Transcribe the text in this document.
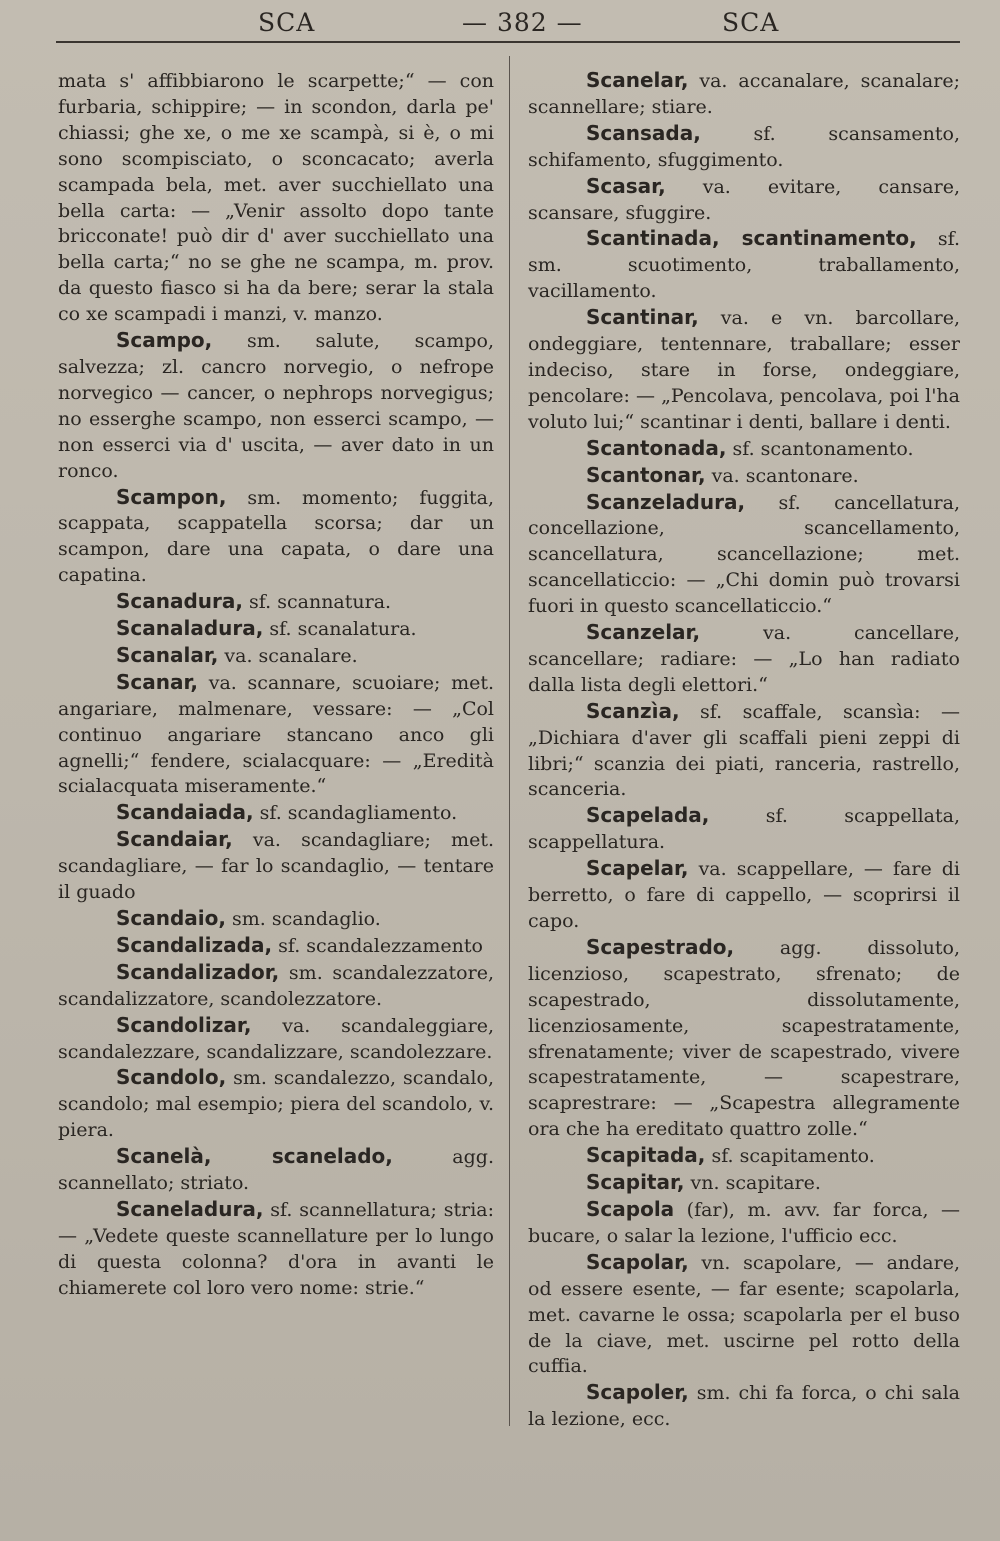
SCA	— 382 —	SCA

mata s' affibbiarono le scarpette;“ — con furbaria, schippire; — in scondon, darla pe' chiassi; ghe xe, o me xe scampà, si è, o mi sono scompisciato, o sconcacato; averla scampada bela, met. aver succhiellato una bella carta: — „Venir assolto dopo tante bricconate! può dir d' aver succhiellato una bella carta;“ no se ghe ne scampa, m. prov. da questo fiasco si ha da bere; serar la stala co xe scampadi i manzi, v. manzo.

Scampo, sm. salute, scampo, salvezza; zl. cancro norvegio, o nefrope norvegico — cancer, o nephrops norvegigus; no esserghe scampo, non esserci scampo, — non esserci via d' uscita, — aver dato in un ronco.

Scampon, sm. momento; fuggita, scappata, scappatella scorsa; dar un scampon, dare una capata, o dare una capatina.

Scanadura, sf. scannatura.

Scanaladura, sf. scanalatura.

Scanalar, va. scanalare.

Scanar, va. scannare, scuoiare; met. angariare, malmenare, vessare: — „Col continuo angariare stancano anco gli agnelli;“ fendere, scialacquare: — „Eredità scialacquata miseramente.“

Scandaiada, sf. scandagliamento.

Scandaiar, va. scandagliare; met. scandagliare, — far lo scandaglio, — tentare il guado

Scandaio, sm. scandaglio.

Scandalizada, sf. scandalezzamento

Scandalizador, sm. scandalezzatore, scandalizzatore, scandolezzatore.

Scandolizar, va. scandaleggiare, scandalezzare, scandalizzare, scandolezzare.

Scandolo, sm. scandalezzo, scandalo, scandolo; mal esempio; piera del scandolo, v. piera.

Scanelà, scanelado, agg. scannellato; striato.

Scaneladura, sf. scannellatura; stria: — „Vedete queste scannellature per lo lungo di questa colonna? d'ora in avanti le chiamerete col loro vero nome: strie.“

Scanelar, va. accanalare, scanalare; scannellare; stiare.

Scansada, sf. scansamento, schifamento, sfuggimento.

Scasar, va. evitare, cansare, scansare, sfuggire.

Scantinada, scantinamento, sf. sm. scuotimento, traballamento, vacillamento.

Scantinar, va. e vn. barcollare, ondeggiare, tentennare, traballare; esser indeciso, stare in forse, ondeggiare, pencolare: — „Pencolava, pencolava, poi l'ha voluto lui;“ scantinar i denti, ballare i denti.

Scantonada, sf. scantonamento.

Scantonar, va. scantonare.

Scanzeladura, sf. cancellatura, concellazione, scancellamento, scancellatura, scancellazione; met. scancellaticcio: — „Chi domin può trovarsi fuori in questo scancellaticcio.“

Scanzelar, va. cancellare, scancellare; radiare: — „Lo han radiato dalla lista degli elettori.“

Scanzìa, sf. scaffale, scansìa: — „Dichiara d'aver gli scaffali pieni zeppi di libri;“ scanzia dei piati, ranceria, rastrello, scanceria.

Scapelada, sf. scappellata, scappellatura.

Scapelar, va. scappellare, — fare di berretto, o fare di cappello, — scoprirsi il capo.

Scapestrado, agg. dissoluto, licenzioso, scapestrato, sfrenato; de scapestrado, dissolutamente, licenziosamente, scapestratamente, sfrenatamente; viver de scapestrado, vivere scapestratamente, — scapestrare, scaprestrare: — „Scapestra allegramente ora che ha ereditato quattro zolle.“

Scapitada, sf. scapitamento.

Scapitar, vn. scapitare.

Scapola (far), m. avv. far forca, — bucare, o salar la lezione, l'ufficio ecc.

Scapolar, vn. scapolare, — andare, od essere esente, — far esente; scapolarla, met. cavarne le ossa; scapolarla per el buso de la ciave, met. uscirne pel rotto della cuffia.

Scapoler, sm. chi fa forca, o chi sala la lezione, ecc.
